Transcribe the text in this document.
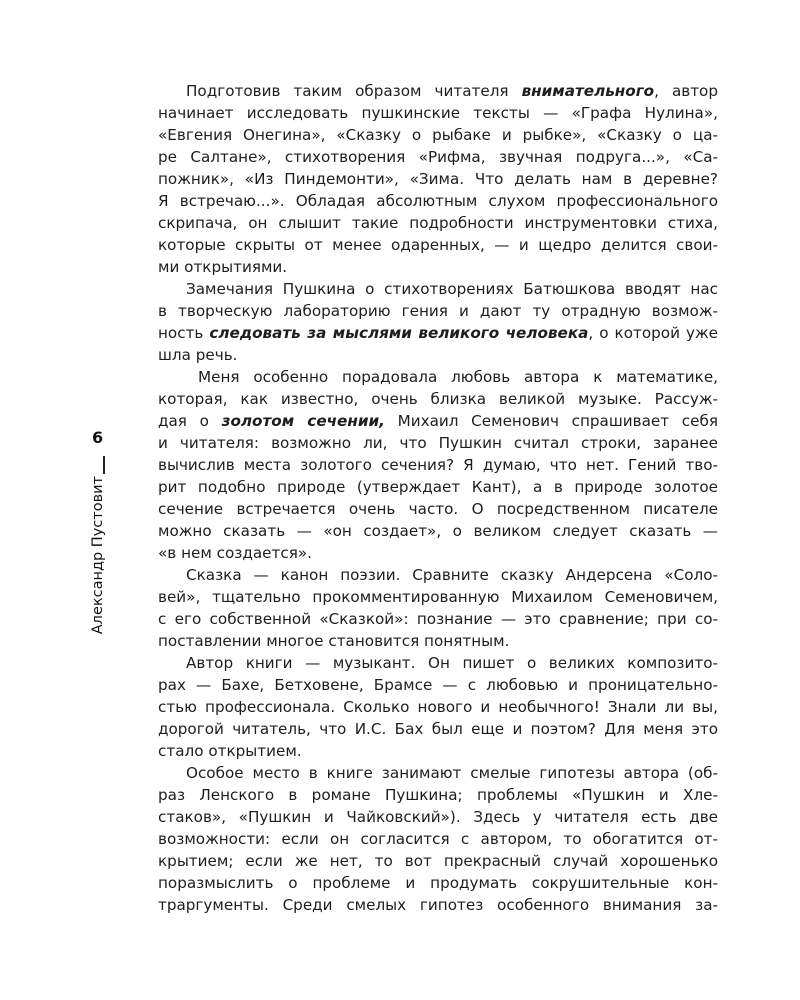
6
Александр Пустовит
Подготовив таким образом читателя внимательного, автор
начинает исследовать пушкинские тексты — «Графа Нулина»,
«Евгения Онегина», «Сказку о рыбаке и рыбке», «Сказку о ца-
ре Салтане», стихотворения «Рифма, звучная подруга...», «Са-
пожник», «Из Пиндемонти», «Зима. Что делать нам в деревне?
Я встречаю...». Обладая абсолютным слухом профессионального
скрипача, он слышит такие подробности инструментовки стиха,
которые скрыты от менее одаренных, — и щедро делится свои-
ми открытиями.
Замечания Пушкина о стихотворениях Батюшкова вводят нас
в творческую лабораторию гения и дают ту отрадную возмож-
ность следовать за мыслями великого человека, о которой уже
шла речь.
Меня особенно порадовала любовь автора к математике,
которая, как известно, очень близка великой музыке. Рассуж-
дая о золотом сечении, Михаил Семенович спрашивает себя
и читателя: возможно ли, что Пушкин считал строки, заранее
вычислив места золотого сечения? Я думаю, что нет. Гений тво-
рит подобно природе (утверждает Кант), а в природе золотое
сечение встречается очень часто. О посредственном писателе
можно сказать — «он создает», о великом следует сказать —
«в нем создается».
Сказка — канон поэзии. Сравните сказку Андерсена «Соло-
вей», тщательно прокомментированную Михаилом Семеновичем,
с его собственной «Сказкой»: познание — это сравнение; при со-
поставлении многое становится понятным.
Автор книги — музыкант. Он пишет о великих композито-
рах — Бахе, Бетховене, Брамсе — с любовью и проницательно-
стью профессионала. Сколько нового и необычного! Знали ли вы,
дорогой читатель, что И.С. Бах был еще и поэтом? Для меня это
стало открытием.
Особое место в книге занимают смелые гипотезы автора (об-
раз Ленского в романе Пушкина; проблемы «Пушкин и Хле-
стаков», «Пушкин и Чайковский»). Здесь у читателя есть две
возможности: если он согласится с автором, то обогатится от-
крытием; если же нет, то вот прекрасный случай хорошенько
поразмыслить о проблеме и продумать сокрушительные кон-
траргументы. Среди смелых гипотез особенного внимания за-
